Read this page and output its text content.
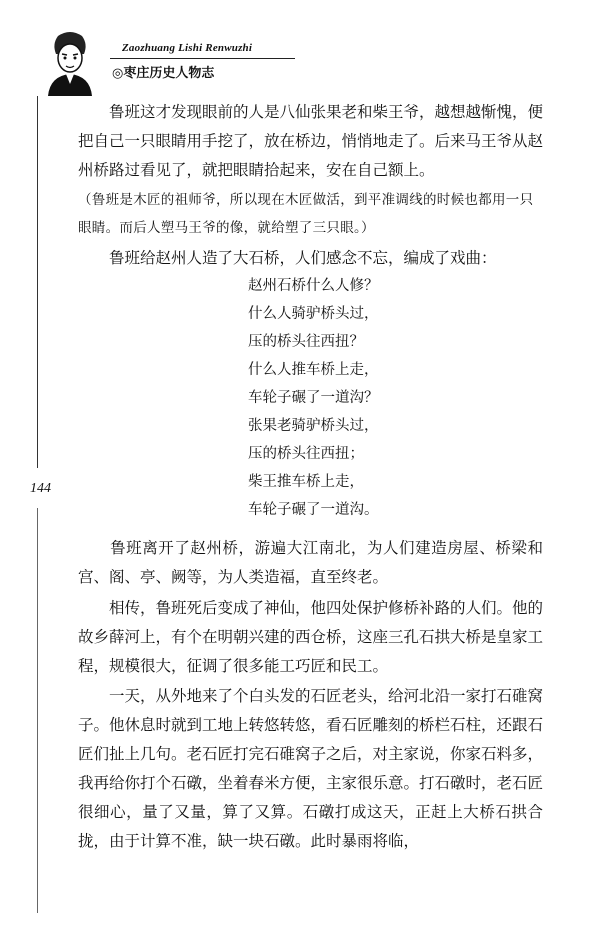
Zaozhuang Lishi Renwuzhi
◎枣庄历史人物志
144

　　鲁班这才发现眼前的人是八仙张果老和柴王爷，越想越惭愧，便把自己一只眼睛用手挖了，放在桥边，悄悄地走了。后来马王爷从赵州桥路过看见了，就把眼睛拾起来，安在自己额上。

（鲁班是木匠的祖师爷，所以现在木匠做活，到平准调线的时候也都用一只眼睛。而后人塑马王爷的像，就给塑了三只眼。）

　　鲁班给赵州人造了大石桥，人们感念不忘，编成了戏曲：

赵州石桥什么人修？
什么人骑驴桥头过，
压的桥头往西扭？
什么人推车桥上走，
车轮子碾了一道沟？
张果老骑驴桥头过，
压的桥头往西扭；
柴王推车桥上走，
车轮子碾了一道沟。

　　鲁班离开了赵州桥，游遍大江南北，为人们建造房屋、桥梁和宫、阁、亭、阙等，为人类造福，直至终老。

　　相传，鲁班死后变成了神仙，他四处保护修桥补路的人们。他的故乡薛河上，有个在明朝兴建的西仓桥，这座三孔石拱大桥是皇家工程，规模很大，征调了很多能工巧匠和民工。

　　一天，从外地来了个白头发的石匠老头，给河北沿一家打石碓窝子。他休息时就到工地上转悠转悠，看石匠雕刻的桥栏石柱，还跟石匠们扯上几句。老石匠打完石碓窝子之后，对主家说，你家石料多，我再给你打个石礅，坐着春米方便，主家很乐意。打石礅时，老石匠很细心，量了又量，算了又算。石礅打成这天，正赶上大桥石拱合拢，由于计算不准，缺一块石礅。此时暴雨将临，
